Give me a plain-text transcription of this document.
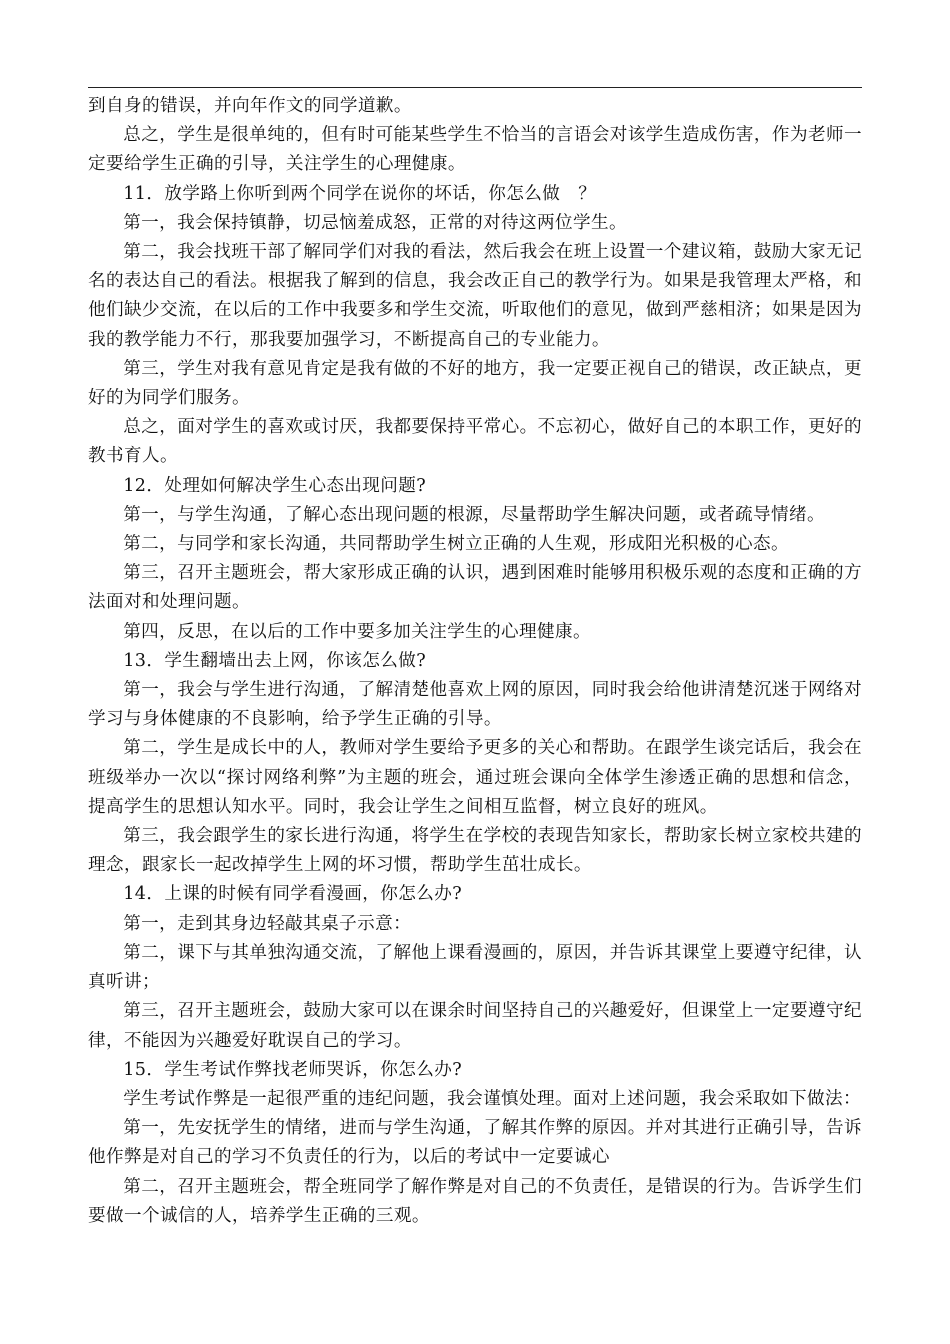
到自身的错误，并向年作文的同学道歉。

总之，学生是很单纯的，但有时可能某些学生不恰当的言语会对该学生造成伤害，作为老师一定要给学生正确的引导，关注学生的心理健康。

11．放学路上你听到两个同学在说你的坏话，你怎么做　？

第一，我会保持镇静，切忌恼羞成怒，正常的对待这两位学生。

第二，我会找班干部了解同学们对我的看法，然后我会在班上设置一个建议箱，鼓励大家无记名的表达自己的看法。根据我了解到的信息，我会改正自己的教学行为。如果是我管理太严格，和他们缺少交流，在以后的工作中我要多和学生交流，听取他们的意见，做到严慈相济；如果是因为我的教学能力不行，那我要加强学习，不断提高自己的专业能力。

第三，学生对我有意见肯定是我有做的不好的地方，我一定要正视自己的错误，改正缺点，更好的为同学们服务。

总之，面对学生的喜欢或讨厌，我都要保持平常心。不忘初心，做好自己的本职工作，更好的教书育人。

12．处理如何解决学生心态出现问题?

第一，与学生沟通，了解心态出现问题的根源，尽量帮助学生解决问题，或者疏导情绪。

第二，与同学和家长沟通，共同帮助学生树立正确的人生观，形成阳光积极的心态。

第三，召开主题班会，帮大家形成正确的认识，遇到困难时能够用积极乐观的态度和正确的方法面对和处理问题。

第四，反思，在以后的工作中要多加关注学生的心理健康。

13．学生翻墙出去上网，你该怎么做?

第一，我会与学生进行沟通，了解清楚他喜欢上网的原因，同时我会给他讲清楚沉迷于网络对学习与身体健康的不良影响，给予学生正确的引导。

第二，学生是成长中的人，教师对学生要给予更多的关心和帮助。在跟学生谈完话后，我会在班级举办一次以“探讨网络利弊”为主题的班会，通过班会课向全体学生渗透正确的思想和信念，提高学生的思想认知水平。同时，我会让学生之间相互监督，树立良好的班风。

第三，我会跟学生的家长进行沟通，将学生在学校的表现告知家长，帮助家长树立家校共建的理念，跟家长一起改掉学生上网的坏习惯，帮助学生茁壮成长。

14．上课的时候有同学看漫画，你怎么办?

第一，走到其身边轻敲其桌子示意：

第二，课下与其单独沟通交流，了解他上课看漫画的，原因，并告诉其课堂上要遵守纪律，认真听讲；

第三，召开主题班会，鼓励大家可以在课余时间坚持自己的兴趣爱好，但课堂上一定要遵守纪律，不能因为兴趣爱好耽误自己的学习。

15．学生考试作弊找老师哭诉，你怎么办?

学生考试作弊是一起很严重的违纪问题，我会谨慎处理。面对上述问题，我会采取如下做法：

第一，先安抚学生的情绪，进而与学生沟通，了解其作弊的原因。并对其进行正确引导，告诉他作弊是对自己的学习不负责任的行为，以后的考试中一定要诚心

第二，召开主题班会，帮全班同学了解作弊是对自己的不负责任，是错误的行为。告诉学生们要做一个诚信的人，培养学生正确的三观。
